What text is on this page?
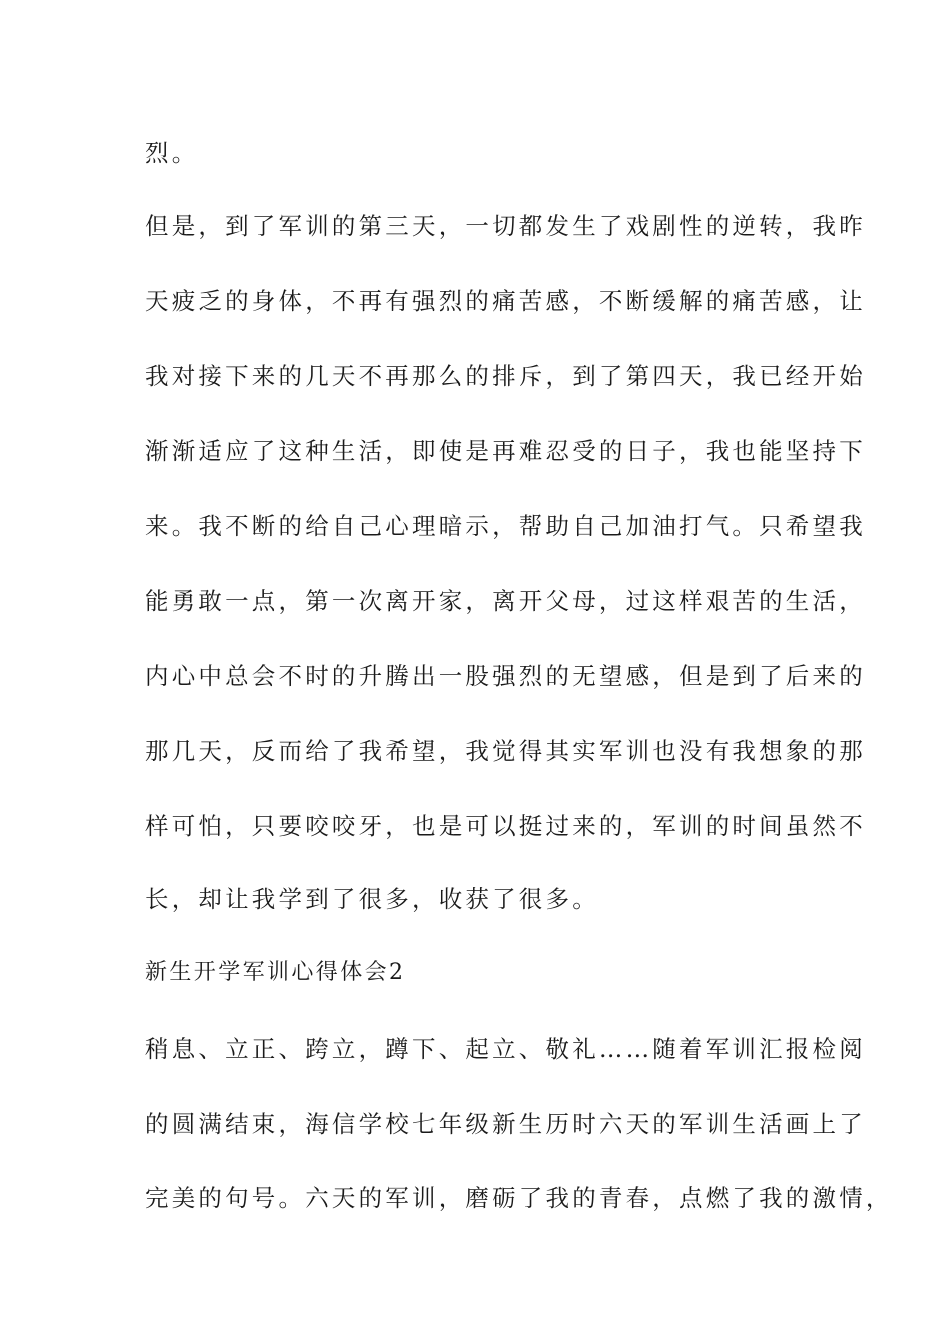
烈。
但是，到了军训的第三天，一切都发生了戏剧性的逆转，我昨
天疲乏的身体，不再有强烈的痛苦感，不断缓解的痛苦感，让
我对接下来的几天不再那么的排斥，到了第四天，我已经开始
渐渐适应了这种生活，即使是再难忍受的日子，我也能坚持下
来。我不断的给自己心理暗示，帮助自己加油打气。只希望我
能勇敢一点，第一次离开家，离开父母，过这样艰苦的生活，
内心中总会不时的升腾出一股强烈的无望感，但是到了后来的
那几天，反而给了我希望，我觉得其实军训也没有我想象的那
样可怕，只要咬咬牙，也是可以挺过来的，军训的时间虽然不
长，却让我学到了很多，收获了很多。
新生开学军训心得体会2
稍息、立正、跨立，蹲下、起立、敬礼……随着军训汇报检阅
的圆满结束，海信学校七年级新生历时六天的军训生活画上了
完美的句号。六天的军训，磨砺了我的青春，点燃了我的激情，
